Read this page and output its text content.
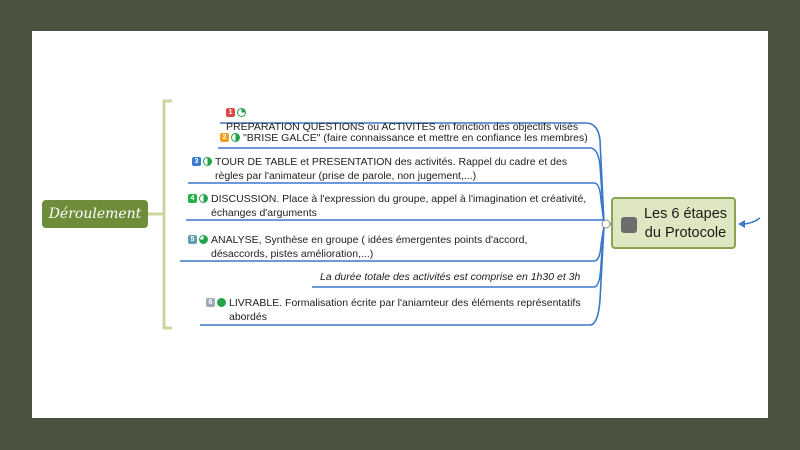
Les 6 étapes du Protocole
Déroulement
1PREPARATION QUESTIONS ou ACTIVITES en fonction des objectifs visés
2 "BRISE GALCE" (faire connaissance et mettre en confiance les membres)
3 TOUR DE TABLE et PRESENTATION des activités. Rappel du cadre et des règles par l'animateur (prise de parole, non jugement,...)
4 DISCUSSION. Place à l'expression du groupe, appel à l'imagination et créativité, échanges d'arguments
5 ANALYSE, Synthèse en groupe ( idées émergentes points d'accord, désaccords, pistes amélioration,...)
La durée totale des activités est comprise en 1h30 et 3h
6 LIVRABLE. Formalisation écrite par l'aniamteur des éléments représentatifs abordés
